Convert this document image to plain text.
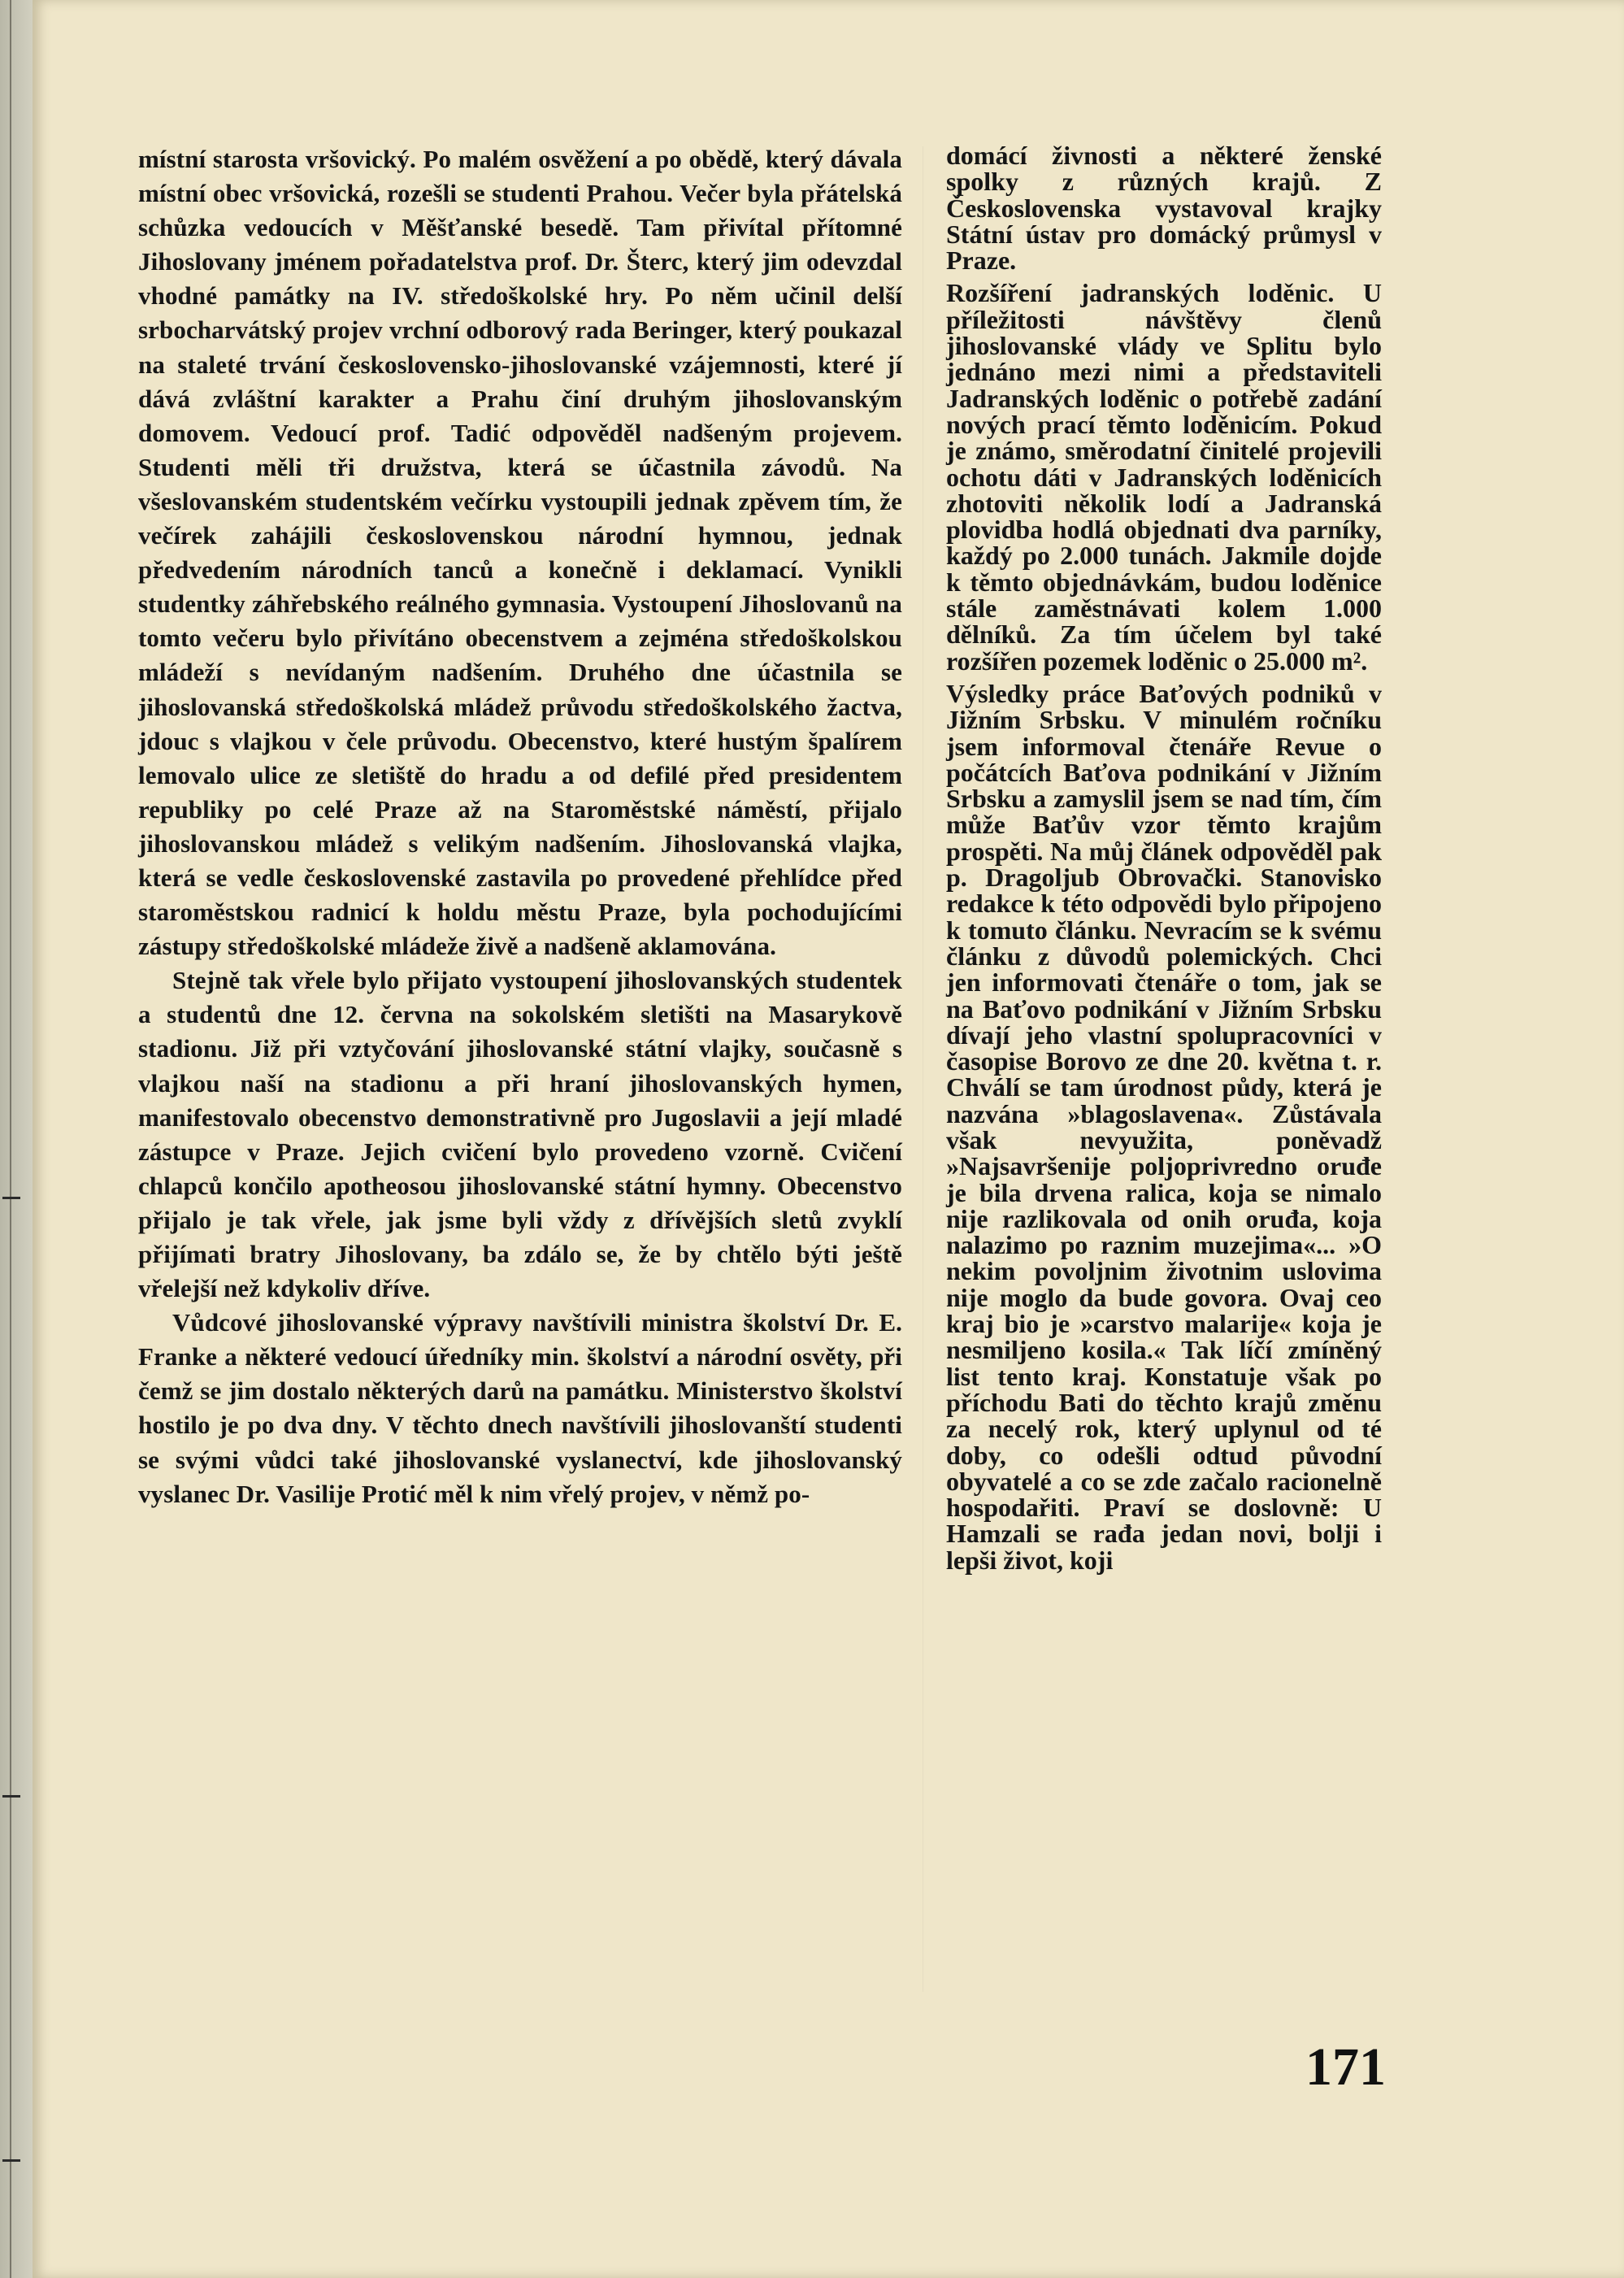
místní starosta vršovický. Po malém osvěžení a po obědě, který dávala místní obec vršovická, rozešli se studenti Prahou. Večer byla přátelská schůzka vedoucích v Měšťanské besedě. Tam přivítal přítomné Jihoslovany jménem pořadatelstva prof. Dr. Šterc, který jim odevzdal vhodné památky na IV. středoškolské hry. Po něm učinil delší srbocharvátský projev vrchní odborový rada Beringer, který poukazal na staleté trvání československo-jihoslovanské vzájemnosti, které jí dává zvláštní karakter a Prahu činí druhým jihoslovanským domovem. Vedoucí prof. Tadić odpověděl nadšeným projevem. Studenti měli tři družstva, která se účastnila závodů. Na všeslovanském studentském večírku vystoupili jednak zpěvem tím, že večírek zahájili československou národní hymnou, jednak předvedením národních tanců a konečně i deklamací. Vynikli studentky záhřebského reálného gymnasia. Vystoupení Jihoslovanů na tomto večeru bylo přivítáno obecenstvem a zejména středoškolskou mládeží s nevídaným nadšením. Druhého dne účastnila se jihoslovanská středoškolská mládež průvodu středoškolského žactva, jdouc s vlajkou v čele průvodu. Obecenstvo, které hustým špalírem lemovalo ulice ze sletiště do hradu a od defilé před presidentem republiky po celé Praze až na Staroměstské náměstí, přijalo jihoslovanskou mládež s velikým nadšením. Jihoslovanská vlajka, která se vedle československé zastavila po provedené přehlídce před staroměstskou radnicí k holdu městu Praze, byla pochodujícími zástupy středoškolské mládeže živě a nadšeně aklamována.

Stejně tak vřele bylo přijato vystoupení jihoslovanských studentek a studentů dne 12. června na sokolském sletišti na Masarykově stadionu. Již při vztyčování jihoslovanské státní vlajky, současně s vlajkou naší na stadionu a při hraní jihoslovanských hymen, manifestovalo obecenstvo demonstrativně pro Jugoslavii a její mladé zástupce v Praze. Jejich cvičení bylo provedeno vzorně. Cvičení chlapců končilo apotheosou jihoslovanské státní hymny. Obecenstvo přijalo je tak vřele, jak jsme byli vždy z dřívějších sletů zvyklí přijímati bratry Jihoslovany, ba zdálo se, že by chtělo býti ještě vřelejší než kdykoliv dříve.

Vůdcové jihoslovanské výpravy navštívili ministra školství Dr. E. Franke a některé vedoucí úředníky min. školství a národní osvěty, při čemž se jim dostalo některých darů na památku. Ministerstvo školství hostilo je po dva dny. V těchto dnech navštívili jihoslovanští studenti se svými vůdci také jihoslovanské vyslanectví, kde jihoslovanský vyslanec Dr. Vasilije Protić měl k nim vřelý projev, v němž po-

domácí živnosti a některé ženské spolky z různých krajů. Z Československa vystavoval krajky Státní ústav pro domácký průmysl v Praze.

Rozšíření jadranských loděnic. U příležitosti návštěvy členů jihoslovanské vlády ve Splitu bylo jednáno mezi nimi a představiteli Jadranských loděnic o potřebě zadání nových prací těmto loděnicím. Pokud je známo, směrodatní činitelé projevili ochotu dáti v Jadranských loděnicích zhotoviti několik lodí a Jadranská plovidba hodlá objednati dva parníky, každý po 2.000 tunách. Jakmile dojde k těmto objednávkám, budou loděnice stále zaměstnávati kolem 1.000 dělníků. Za tím účelem byl také rozšířen pozemek loděnic o 25.000 m².

Výsledky práce Baťových podniků v Jižním Srbsku. V minulém ročníku jsem informoval čtenáře Revue o počátcích Baťova podnikání v Jižním Srbsku a zamyslil jsem se nad tím, čím může Baťův vzor těmto krajům prospěti. Na můj článek odpověděl pak p. Dragoljub Obrovački. Stanovisko redakce k této odpovědi bylo připojeno k tomuto článku. Nevracím se k svému článku z důvodů polemických. Chci jen informovati čtenáře o tom, jak se na Baťovo podnikání v Jižním Srbsku dívají jeho vlastní spolupracovníci v časopise Borovo ze dne 20. května t. r. Chválí se tam úrodnost půdy, která je nazvána »blagoslavena«. Zůstávala však nevyužita, poněvadž »Najsavršenije poljoprivredno oruđe je bila drvena ralica, koja se nimalo nije razlikovala od onih oruđa, koja nalazimo po raznim muzejima«... »O nekim povoljnim životnim uslovima nije moglo da bude govora. Ovaj ceo kraj bio je »carstvo malarije« koja je nesmiljeno kosila.« Tak líčí zmíněný list tento kraj. Konstatuje však po příchodu Bati do těchto krajů změnu za necelý rok, který uplynul od té doby, co odešli odtud původní obyvatelé a co se zde začalo racionelně hospodařiti. Praví se doslovně: U Hamzali se rađa jedan novi, bolji i lepši život, koji

171
